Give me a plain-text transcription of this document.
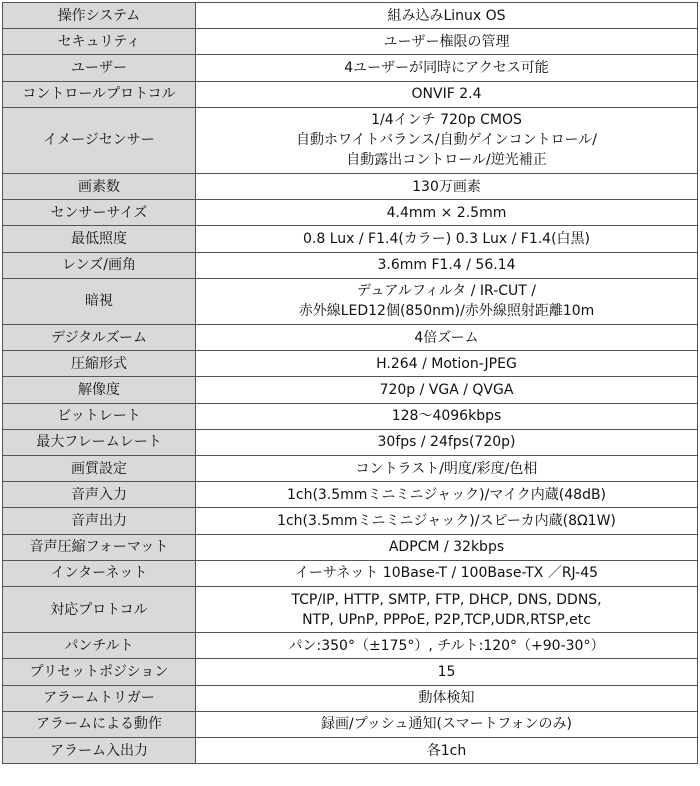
操作システム	組み込みLinux OS
セキュリティ	ユーザー権限の管理
ユーザー	4ユーザーが同時にアクセス可能
コントロールプロトコル	ONVIF 2.4
イメージセンサー	1/4インチ 720p CMOS
自動ホワイトバランス/自動ゲインコントロール/
自動露出コントロール/逆光補正
画素数	130万画素
センサーサイズ	4.4mm × 2.5mm
最低照度	0.8 Lux / F1.4(カラー) 0.3 Lux / F1.4(白黒)
レンズ/画角	3.6mm F1.4 / 56.14
暗視	デュアルフィルタ / IR-CUT /
赤外線LED12個(850nm)/赤外線照射距離10m
デジタルズーム	4倍ズーム
圧縮形式	H.264 / Motion-JPEG
解像度	720p / VGA / QVGA
ビットレート	128～4096kbps
最大フレームレート	30fps / 24fps(720p)
画質設定	コントラスト/明度/彩度/色相
音声入力	1ch(3.5mmミニミニジャック)/マイク内蔵(48dB)
音声出力	1ch(3.5mmミニミニジャック)/スピーカ内蔵(8Ω1W)
音声圧縮フォーマット	ADPCM / 32kbps
インターネット	イーサネット 10Base-T / 100Base-TX ／RJ-45
対応プロトコル	TCP/IP, HTTP, SMTP, FTP, DHCP, DNS, DDNS,
NTP, UPnP, PPPoE, P2P,TCP,UDR,RTSP,etc
パンチルト	パン:350°（±175°）, チルト:120°（+90-30°）
プリセットポジション	15
アラームトリガー	動体検知
アラームによる動作	録画/プッシュ通知(スマートフォンのみ)
アラーム入出力	各1ch
